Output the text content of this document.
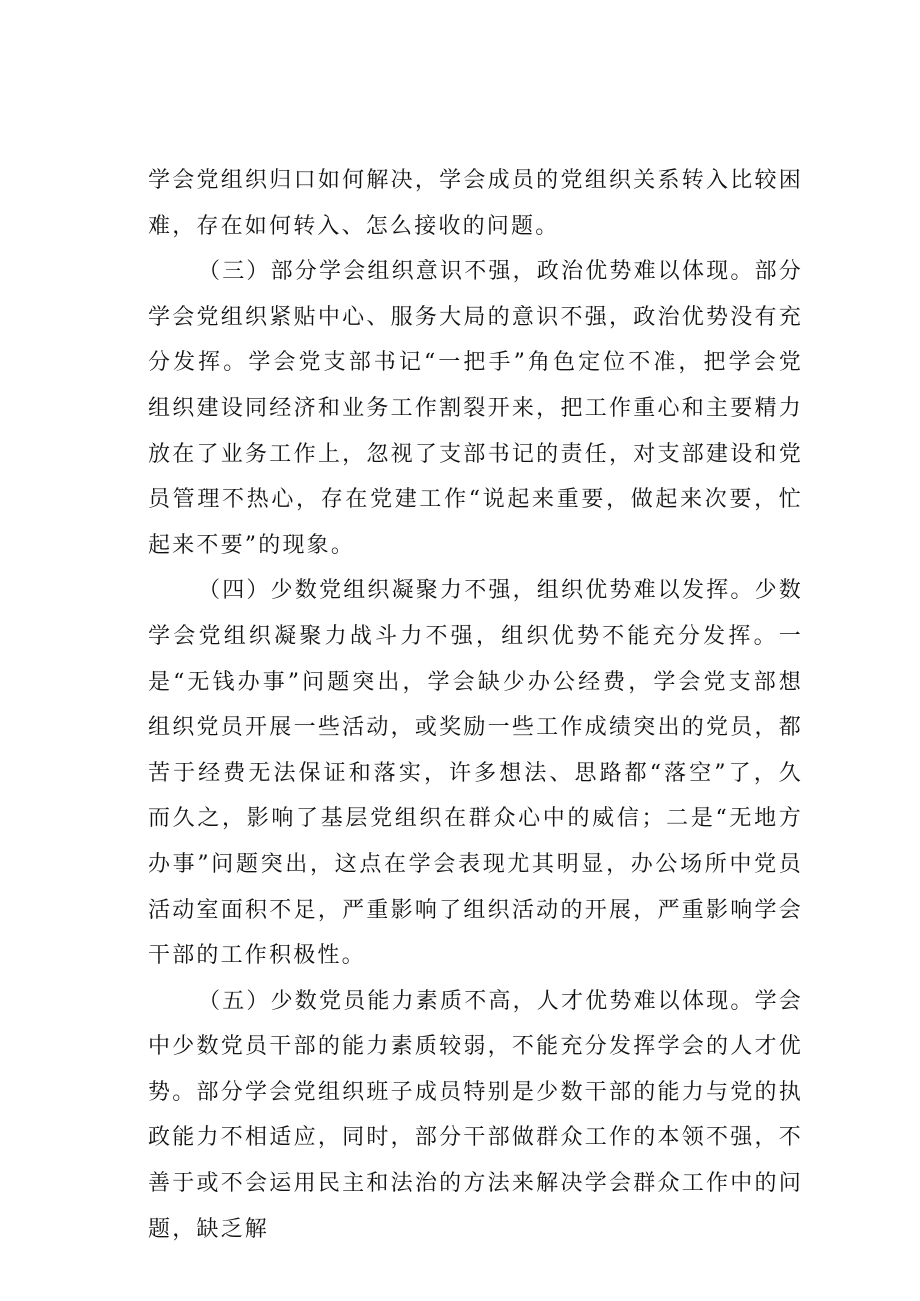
学会党组织归口如何解决，学会成员的党组织关系转入比较困难，存在如何转入、怎么接收的问题。

（三）部分学会组织意识不强，政治优势难以体现。部分学会党组织紧贴中心、服务大局的意识不强，政治优势没有充分发挥。学会党支部书记“一把手”角色定位不准，把学会党组织建设同经济和业务工作割裂开来，把工作重心和主要精力放在了业务工作上，忽视了支部书记的责任，对支部建设和党员管理不热心，存在党建工作“说起来重要，做起来次要，忙起来不要”的现象。

（四）少数党组织凝聚力不强，组织优势难以发挥。少数学会党组织凝聚力战斗力不强，组织优势不能充分发挥。一是“无钱办事”问题突出，学会缺少办公经费，学会党支部想组织党员开展一些活动，或奖励一些工作成绩突出的党员，都苦于经费无法保证和落实，许多想法、思路都“落空”了，久而久之，影响了基层党组织在群众心中的威信；二是“无地方办事”问题突出，这点在学会表现尤其明显，办公场所中党员活动室面积不足，严重影响了组织活动的开展，严重影响学会干部的工作积极性。

（五）少数党员能力素质不高，人才优势难以体现。学会中少数党员干部的能力素质较弱，不能充分发挥学会的人才优势。部分学会党组织班子成员特别是少数干部的能力与党的执政能力不相适应，同时，部分干部做群众工作的本领不强，不善于或不会运用民主和法治的方法来解决学会群众工作中的问题，缺乏解
